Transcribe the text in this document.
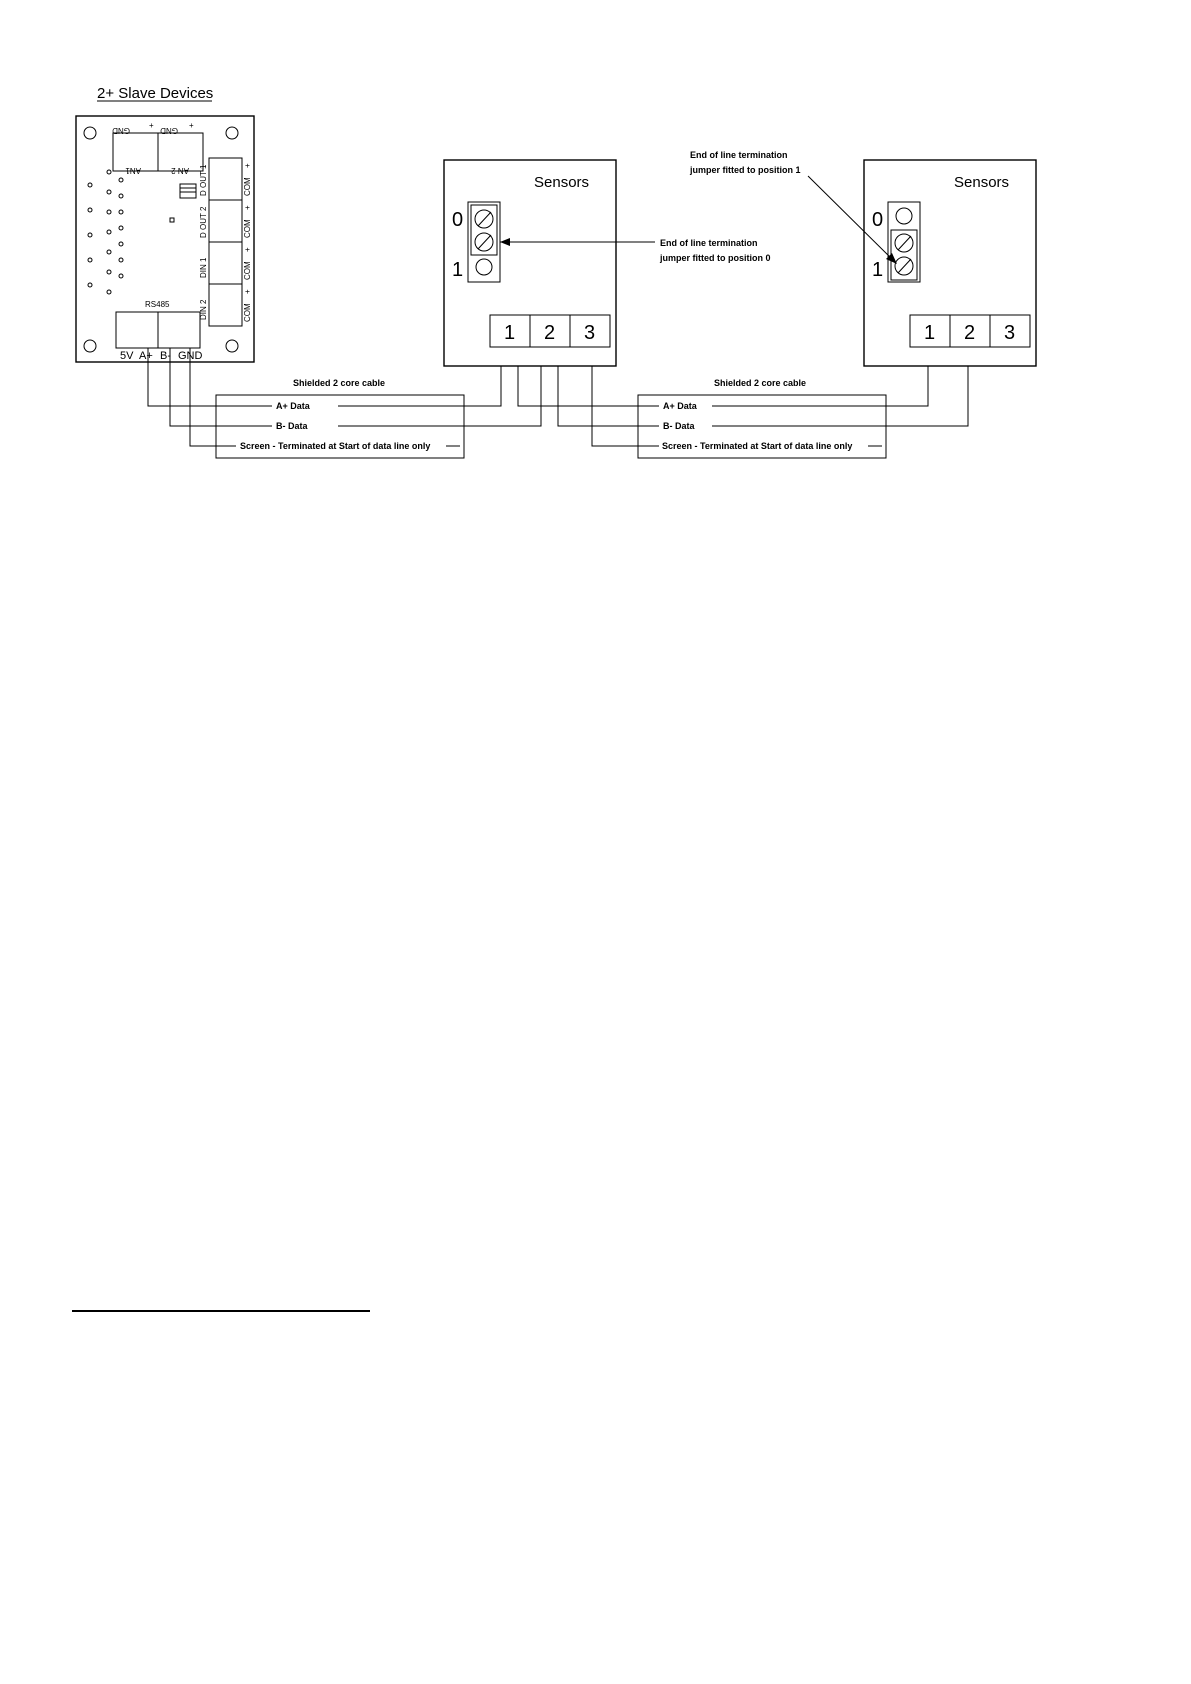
2+ Slave Devices
GND
+
GND
+
AN1	AN 2 D OUT 1
D OUT 2
DIN 1
DIN 2
+
COM
+
COM
+
COM
+
COM
RS485
5V A+ B- GND
Sensors
0
1
1 2 3
End of line termination
jumper fitted to position 0
Sensors
0
1
1 2 3
End of line termination
jumper fitted to position 1
Shielded 2 core cable
A+ Data
B- Data
Screen - Terminated at Start of data line only
Shielded 2 core cable
A+ Data
B- Data
Screen - Terminated at Start of data line only
